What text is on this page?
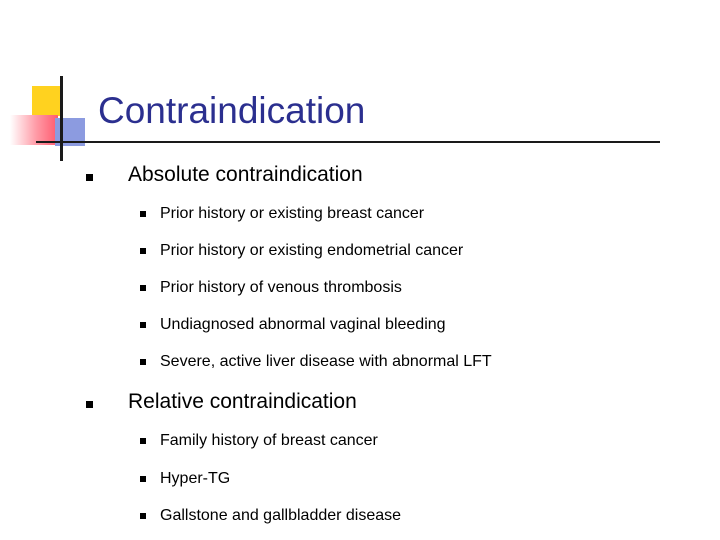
Contraindication
Absolute contraindication
Prior history or existing breast cancer
Prior history or existing endometrial cancer
Prior history of venous thrombosis
Undiagnosed abnormal vaginal bleeding
Severe, active liver disease with abnormal LFT
Relative contraindication
Family history of breast cancer
Hyper-TG
Gallstone and gallbladder disease
